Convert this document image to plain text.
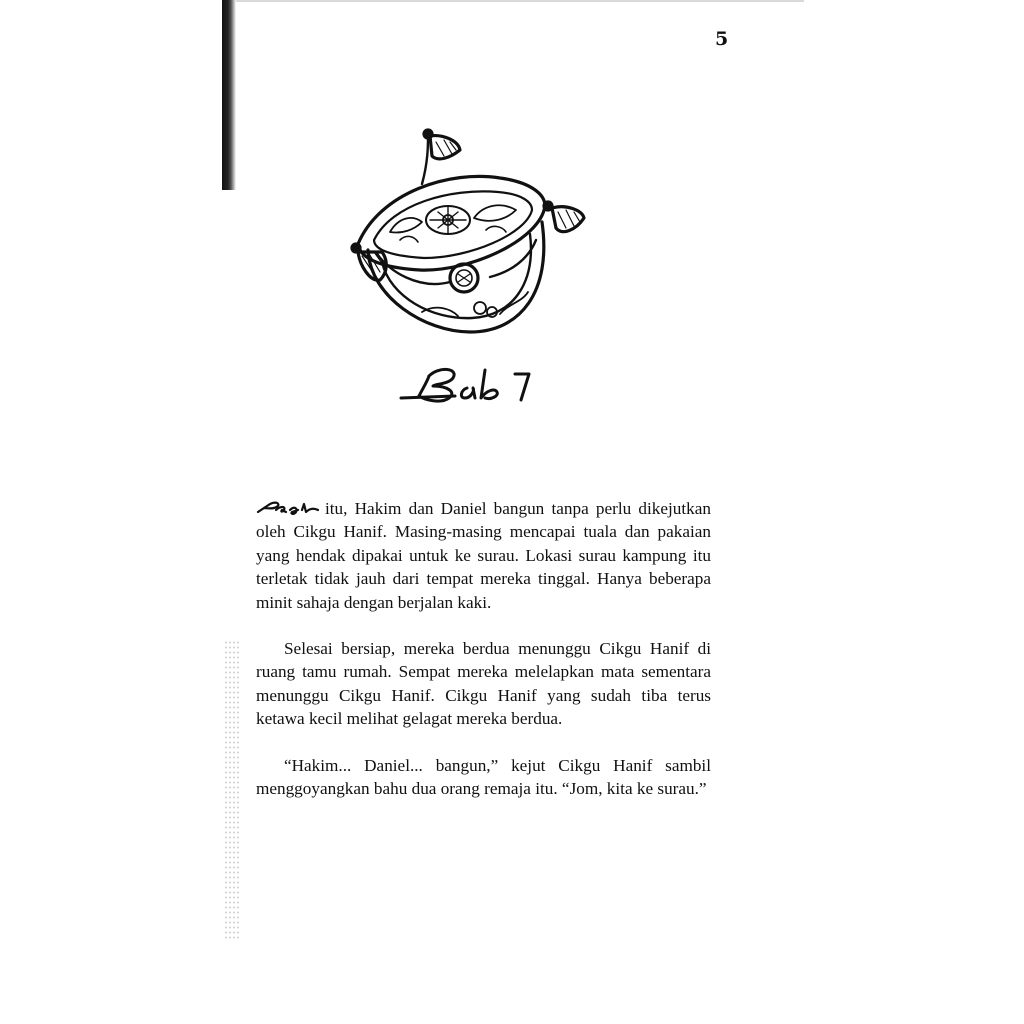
5
Bab 1

itu, Hakim dan Daniel bangun tanpa perlu dikejutkan oleh Cikgu Hanif. Masing-masing mencapai tuala dan pakaian yang hendak dipakai untuk ke surau. Lokasi surau kampung itu terletak tidak jauh dari tempat mereka tinggal. Hanya beberapa minit sahaja dengan berjalan kaki.

Selesai bersiap, mereka berdua menunggu Cikgu Hanif di ruang tamu rumah. Sempat mereka melelapkan mata sementara menunggu Cikgu Hanif. Cikgu Hanif yang sudah tiba terus ketawa kecil melihat gelagat mereka berdua.

“Hakim... Daniel... bangun,” kejut Cikgu Hanif sambil menggoyangkan bahu dua orang remaja itu. “Jom, kita ke surau.”
